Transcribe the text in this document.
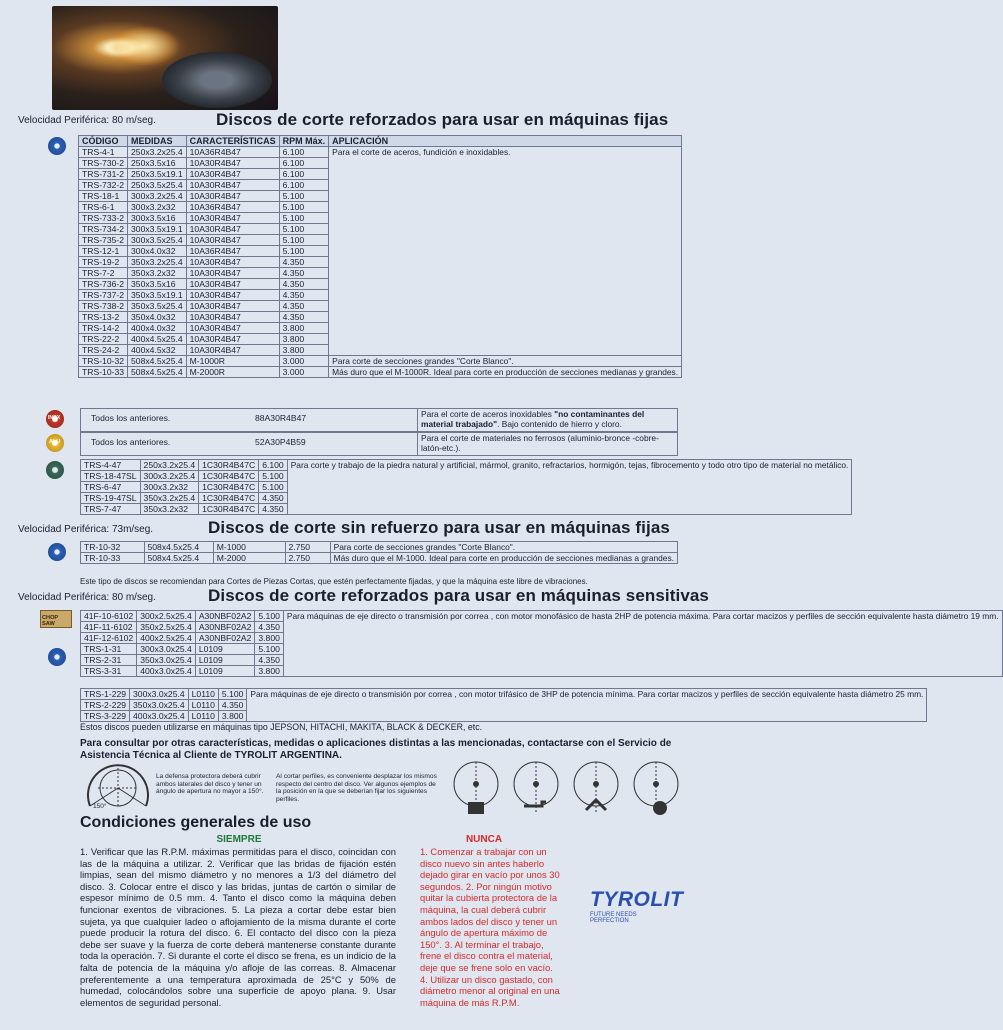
Velocidad Periférica: 80 m/seg.	Discos de corte reforzados para usar en máquinas fijas
CÓDIGO	MEDIDAS	CARACTERÍSTICAS	RPM Máx.	APLICACIÓN
TRS-4-1	250x3.2x25.4	10A36R4B47	6.100	Para el corte de aceros, fundición e inoxidables.
TRS-730-2	250x3.5x16	10A30R4B47	6.100	
TRS-731-2	250x3.5x19.1	10A30R4B47	6.100	
TRS-732-2	250x3.5x25.4	10A30R4B47	6.100	
TRS-18-1	300x3.2x25.4	10A30R4B47	5.100	
TRS-6-1	300x3.2x32	10A36R4B47	5.100	
TRS-733-2	300x3.5x16	10A30R4B47	5.100	
TRS-734-2	300x3.5x19.1	10A30R4B47	5.100	
TRS-735-2	300x3.5x25.4	10A30R4B47	5.100	
TRS-12-1	300x4.0x32	10A36R4B47	5.100	
TRS-19-2	350x3.2x25.4	10A30R4B47	4.350	
TRS-7-2	350x3.2x32	10A30R4B47	4.350	
TRS-736-2	350x3.5x16	10A30R4B47	4.350	
TRS-737-2	350x3.5x19.1	10A30R4B47	4.350	
TRS-738-2	350x3.5x25.4	10A30R4B47	4.350	
TRS-13-2	350x4.0x32	10A30R4B47	4.350	
TRS-14-2	400x4.0x32	10A30R4B47	3.800	
TRS-22-2	400x4.5x25.4	10A30R4B47	3.800	
TRS-24-2	400x4.5x32	10A30R4B47	3.800	
TRS-10-32	508x4.5x25.4	M-1000R	3.000	Para corte de secciones grandes "Corte Blanco".
TRS-10-33	508x4.5x25.4	M-2000R	3.000	Más duro que el M-1000R. Ideal para corte en producción de secciones medianas y grandes.
INOX	Todos los anteriores.	88A30R4B47	Para el corte de aceros inoxidables "no contaminantes del material trabajado". Bajo contenido de hierro y cloro.
ALU	Todos los anteriores.	52A30P4B59	Para el corte de materiales no ferrosos (aluminio-bronce -cobre-latón-etc.).
TRS-4-47	250x3.2x25.4	1C30R4B47C	6.100	Para corte y trabajo de la piedra natural y artificial, mármol, granito, refractarios, hormigón, tejas, fibrocemento y todo otro tipo de material no metálico.
TRS-18-47SL	300x3.2x25.4	1C30R4B47C	5.100	
TRS-6-47	300x3.2x32	1C30R4B47C	5.100	
TRS-19-47SL	350x3.2x25.4	1C30R4B47C	4.350	
TRS-7-47	350x3.2x32	1C30R4B47C	4.350	
Velocidad Periférica: 73m/seg.	Discos de corte sin refuerzo para usar en máquinas fijas
TR-10-32	508x4.5x25.4	M-1000	2.750	Para corte de secciones grandes "Corte Blanco".
TR-10-33	508x4.5x25.4	M-2000	2.750	Más duro que el M-1000. Ideal para corte en producción de secciones medianas a grandes.
Este tipo de discos se recomiendan para Cortes de Piezas Cortas, que estén perfectamente fijadas, y que la máquina este libre de vibraciones.
Velocidad Periférica: 80 m/seg.	Discos de corte reforzados para usar en máquinas sensitivas
CHOP SAW
41F-10-6102	300x2.5x25.4	A30NBF02A2	5.100	Para máquinas de eje directo o transmisión por correa , con motor monofásico de hasta 2HP de potencia máxima. Para cortar macizos y perfiles de sección equivalente hasta diámetro 19 mm.
41F-11-6102	350x2.5x25.4	A30NBF02A2	4.350	
41F-12-6102	400x2.5x25.4	A30NBF02A2	3.800	
TRS-1-31	300x3.0x25.4	L0109	5.100	
TRS-2-31	350x3.0x25.4	L0109	4.350	
TRS-3-31	400x3.0x25.4	L0109	3.800	
TRS-1-229	300x3.0x25.4	L0110	5.100	Para máquinas de eje directo o transmisión por correa , con motor trifásico de 3HP de potencia mínima. Para cortar macizos y perfiles de sección equivalente hasta diámetro 25 mm.
TRS-2-229	350x3.0x25.4	L0110	4.350	
TRS-3-229	400x3.0x25.4	L0110	3.800	
Estos discos pueden utilizarse en máquinas tipo JEPSON, HITACHI, MAKITA, BLACK & DECKER, etc.
Para consultar por otras características, medidas o aplicaciones distintas a las mencionadas, contactarse con el Servicio de Asistencia Técnica al Cliente de TYROLIT ARGENTINA.
150°
La defensa protectora deberá cubrir ambos laterales del disco y tener un ángulo de apertura no mayor a 150°.
Al cortar perfiles, es conveniente desplazar los mismos respecto del centro del disco. Ver algunos ejemplos de la posición en la que se deberían fijar los siguientes perfiles.
Condiciones generales de uso
SIEMPRE
1. Verificar que las R.P.M. máximas permitidas para el disco, coincidan con las de la máquina a utilizar. 2. Verificar que las bridas de fijación estén limpias, sean del mismo diámetro y no menores a 1/3 del diámetro del disco. 3. Colocar entre el disco y las bridas, juntas de cartón o similar de espesor mínimo de 0.5 mm. 4. Tanto el disco como la máquina deben funcionar exentos de vibraciones. 5. La pieza a cortar debe estar bien sujeta, ya que cualquier ladeo o aflojamiento de la misma durante el corte puede producir la rotura del disco. 6. El contacto del disco con la pieza debe ser suave y la fuerza de corte deberá mantenerse constante durante toda la operación. 7. Si durante el corte el disco se frena, es un indicio de la falta de potencia de la máquina y/o afloje de las correas. 8. Almacenar preferentemente a una temperatura aproximada de 25°C y 50% de humedad, colocándolos sobre una superficie de apoyo plana. 9. Usar elementos de seguridad personal.
NUNCA
1. Comenzar a trabajar con un disco nuevo sin antes haberlo dejado girar en vacío por unos 30 segundos. 2. Por ningún motivo quitar la cubierta protectora de la máquina, la cual deberá cubrir ambos lados del disco y tener un ángulo de apertura máximo de 150°. 3. Al terminar el trabajo, frene el disco contra el material, deje que se frene solo en vacío. 4. Utilizar un disco gastado, con diámetro menor al original en una máquina de más R.P.M.
TYROLIT
FUTURE NEEDS PERFECTION
